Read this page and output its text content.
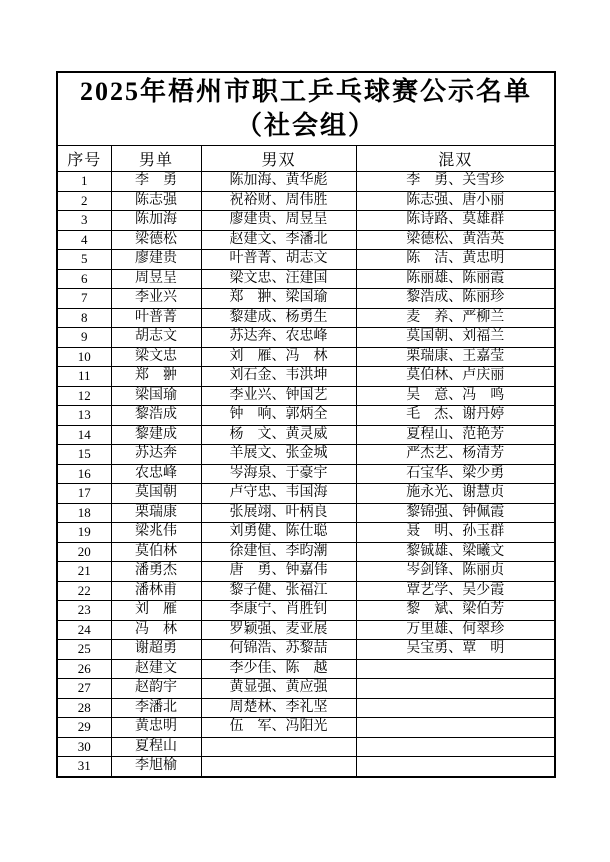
2025年梧州市职工乒乓球赛公示名单
（社会组）			

序号	男单	男双	混双
1	李　勇	陈加海、黄华彪	李　勇、关雪珍
2	陈志强	祝裕财、周伟胜	陈志强、唐小丽
3	陈加海	廖建贵、周昱呈	陈诗路、莫雄群
4	梁德松	赵建文、李潘北	梁德松、黄浩英
5	廖建贵	叶普菁、胡志文	陈　洁、黄忠明
6	周昱呈	梁文忠、汪建国	陈丽雄、陈丽霞
7	李业兴	郑　翀、梁国瑜	黎浩成、陈丽珍
8	叶普菁	黎建成、杨勇生	麦　养、严柳兰
9	胡志文	苏达奔、农忠峰	莫国朝、刘福兰
10	梁文忠	刘　雁、冯　林	栗瑞康、王嘉莹
11	郑　翀	刘石金、韦洪坤	莫伯林、卢庆丽
12	梁国瑜	李业兴、钟国艺	吴　意、冯　鸣
13	黎浩成	钟　响、郭炳全	毛　杰、谢丹婷
14	黎建成	杨　文、黄灵威	夏程山、范艳芳
15	苏达奔	羊展文、张金城	严杰艺、杨清芳
16	农忠峰	岑海泉、于豪宇	石宝华、梁少勇
17	莫国朝	卢守忠、韦国海	施永光、谢慧贞
18	栗瑞康	张展翊、叶柄良	黎锦强、钟佩霞
19	梁兆伟	刘勇健、陈仕聪	聂　明、孙玉群
20	莫伯林	徐建恒、李昀潮	黎铖雄、梁曦文
21	潘勇杰	唐　勇、钟嘉伟	岑剑锋、陈丽贞
22	潘林甫	黎子健、张福江	覃艺学、吴少霞
23	刘　雁	李康宁、肖胜钊	黎　斌、梁伯芳
24	冯　林	罗颖强、麦亚展	万里雄、何翠珍
25	谢超勇	何锦浩、苏黎喆	吴宝勇、覃　明
26	赵建文	李少佳、陈　越	
27	赵韵宇	黄显强、黄应强	
28	李潘北	周楚林、李礼坚	
29	黄忠明	伍　军、冯阳光	
30	夏程山		
31	李旭榆		
